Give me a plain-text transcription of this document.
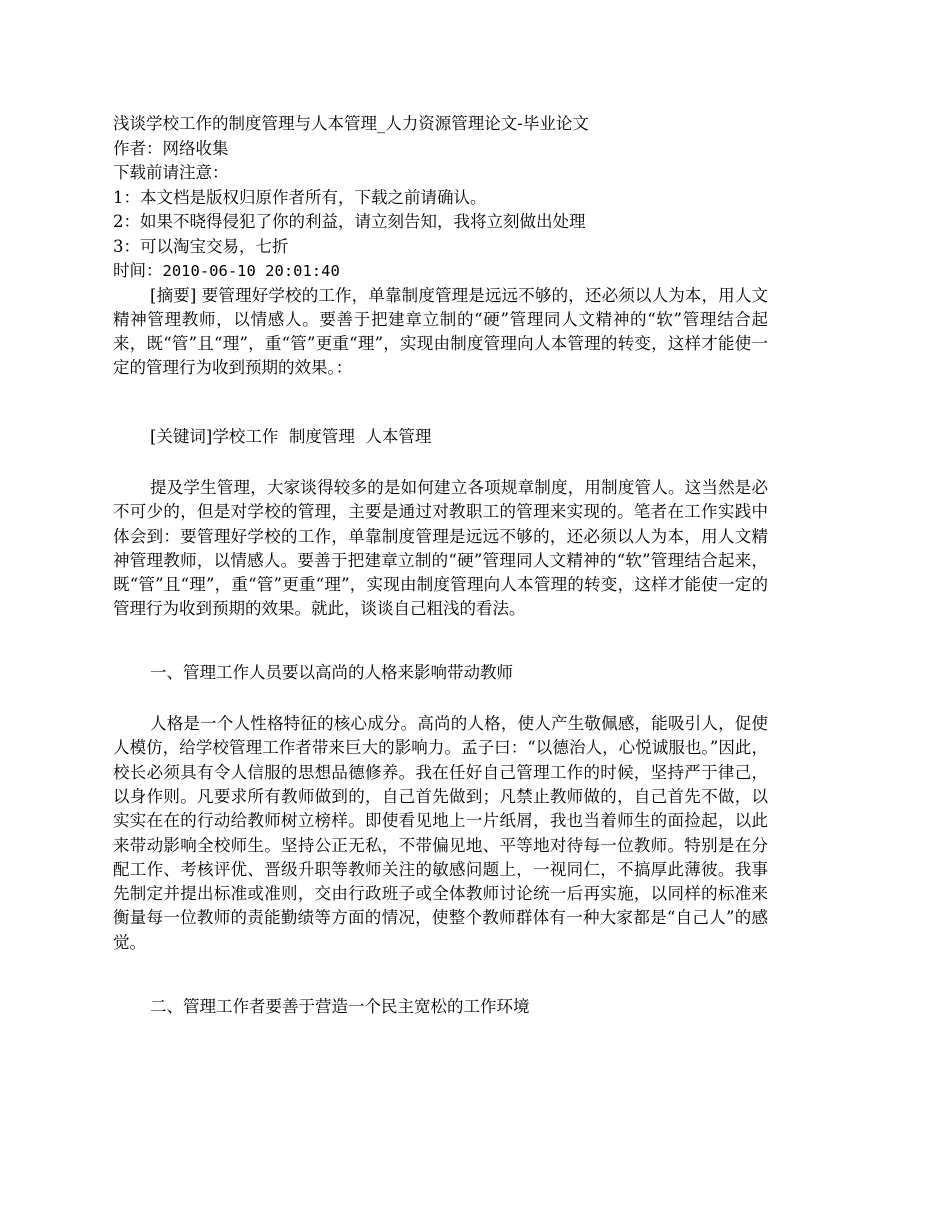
浅谈学校工作的制度管理与人本管理_人力资源管理论文-毕业论文
作者：网络收集
下载前请注意：
1：本文档是版权归原作者所有，下载之前请确认。
2：如果不晓得侵犯了你的利益，请立刻告知，我将立刻做出处理
3：可以淘宝交易，七折
时间：2010-06-10 20:01:40

[摘要] 要管理好学校的工作，单靠制度管理是远远不够的，还必须以人为本，用人文精神管理教师，以情感人。要善于把建章立制的“硬”管理同人文精神的“软”管理结合起来，既“管”且“理”，重“管”更重“理”，实现由制度管理向人本管理的转变，这样才能使一定的管理行为收到预期的效果。：

[关键词]学校工作  制度管理  人本管理

提及学生管理，大家谈得较多的是如何建立各项规章制度，用制度管人。这当然是必不可少的，但是对学校的管理，主要是通过对教职工的管理来实现的。笔者在工作实践中体会到：要管理好学校的工作，单靠制度管理是远远不够的，还必须以人为本，用人文精神管理教师，以情感人。要善于把建章立制的“硬”管理同人文精神的“软”管理结合起来，既“管”且“理”，重“管”更重“理”，实现由制度管理向人本管理的转变，这样才能使一定的管理行为收到预期的效果。就此，谈谈自己粗浅的看法。

一、管理工作人员要以高尚的人格来影响带动教师

人格是一个人性格特征的核心成分。高尚的人格，使人产生敬佩感，能吸引人，促使人模仿，给学校管理工作者带来巨大的影响力。孟子曰：“以德治人，心悦诚服也。”因此，校长必须具有令人信服的思想品德修养。我在任好自己管理工作的时候，坚持严于律己，以身作则。凡要求所有教师做到的，自己首先做到；凡禁止教师做的，自己首先不做，以实实在在的行动给教师树立榜样。即使看见地上一片纸屑，我也当着师生的面捡起，以此来带动影响全校师生。坚持公正无私，不带偏见地、平等地对待每一位教师。特别是在分配工作、考核评优、晋级升职等教师关注的敏感问题上，一视同仁，不搞厚此薄彼。我事先制定并提出标准或准则，交由行政班子或全体教师讨论统一后再实施，以同样的标准来衡量每一位教师的责能勤绩等方面的情况，使整个教师群体有一种大家都是“自己人”的感觉。

二、管理工作者要善于营造一个民主宽松的工作环境
